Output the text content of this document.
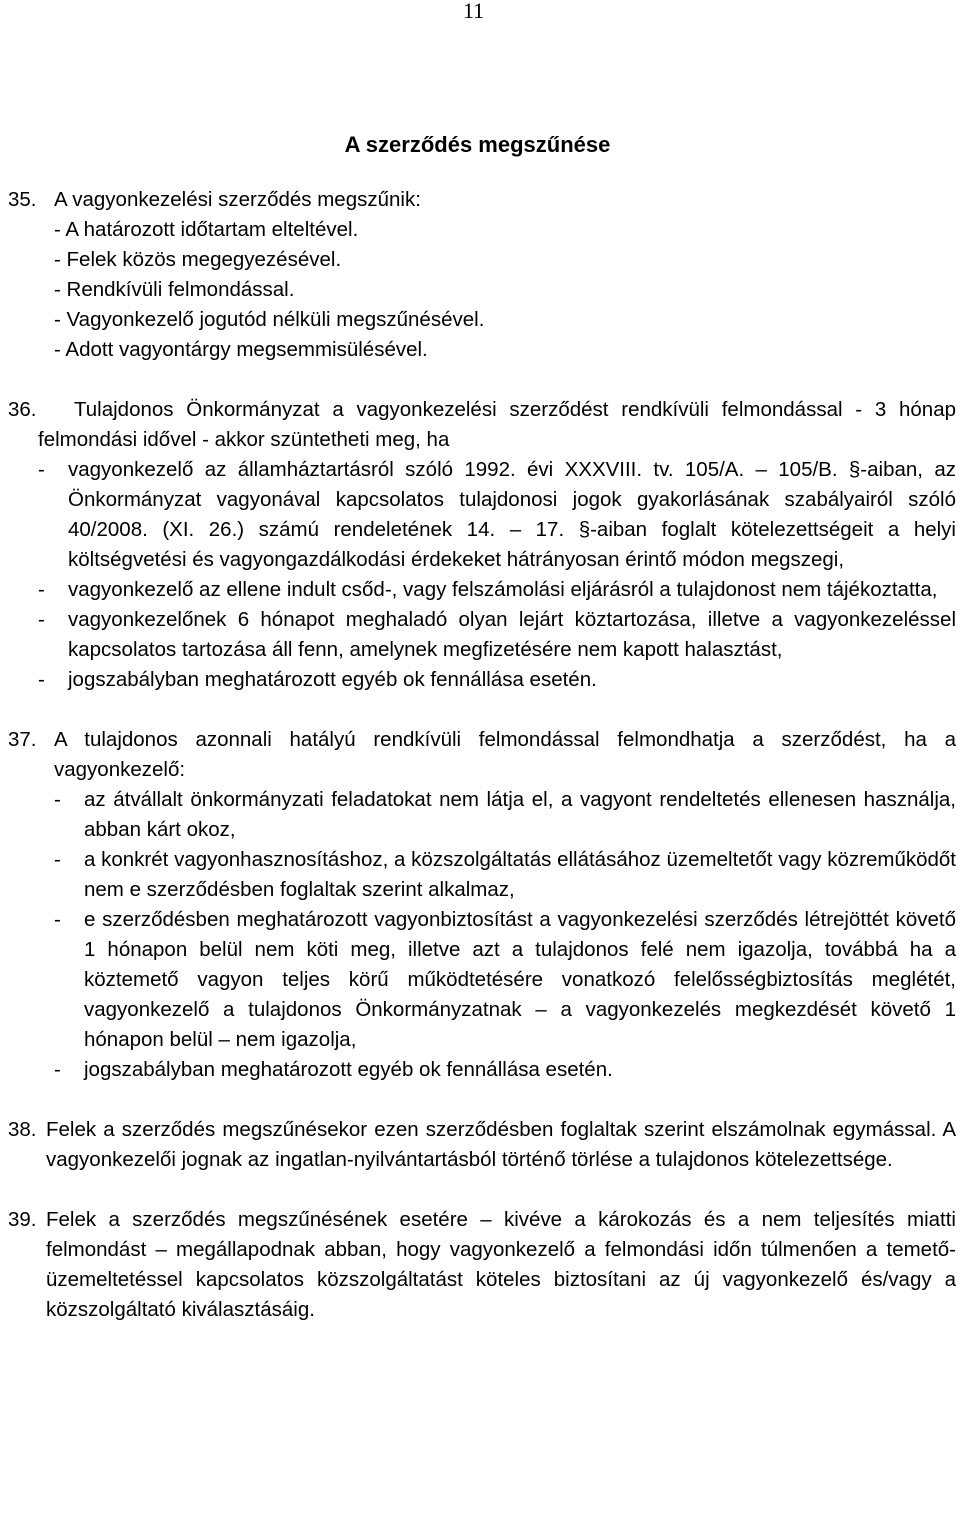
11
A szerződés megszűnése
35. A vagyonkezelési szerződés megszűnik:
- A határozott időtartam elteltével.
- Felek közös megegyezésével.
- Rendkívüli felmondással.
- Vagyonkezelő jogutód nélküli megszűnésével.
- Adott vagyontárgy megsemmisülésével.
36.	Tulajdonos Önkormányzat a vagyonkezelési szerződést rendkívüli felmondással - 3 hónap felmondási idővel - akkor szüntetheti meg, ha
- vagyonkezelő az államháztartásról szóló 1992. évi XXXVIII. tv. 105/A. – 105/B. §-aiban, az Önkormányzat vagyonával kapcsolatos tulajdonosi jogok gyakorlásának szabályairól szóló 40/2008. (XI. 26.) számú rendeletének 14. – 17. §-aiban foglalt kötelezettségeit a helyi költségvetési és vagyongazdálkodási érdekeket hátrányosan érintő módon megszegi,
- vagyonkezelő az ellene indult csőd-, vagy felszámolási eljárásról a tulajdonost nem tájékoztatta,
- vagyonkezelőnek 6 hónapot meghaladó olyan lejárt köztartozása, illetve a vagyonkezeléssel kapcsolatos tartozása áll fenn, amelynek megfizetésére nem kapott halasztást,
- jogszabályban meghatározott egyéb ok fennállása esetén.
37. A tulajdonos azonnali hatályú rendkívüli felmondással felmondhatja a szerződést, ha a vagyonkezelő:
- az átvállalt önkormányzati feladatokat nem látja el, a vagyont rendeltetés ellenesen használja, abban kárt okoz,
- a konkrét vagyonhasznosításhoz, a közszolgáltatás ellátásához üzemeltetőt vagy közreműködőt nem e szerződésben foglaltak szerint alkalmaz,
- e szerződésben meghatározott vagyonbiztosítást a vagyonkezelési szerződés létrejöttét követő 1 hónapon belül nem köti meg, illetve azt a tulajdonos felé nem igazolja, továbbá ha a köztemető vagyon teljes körű működtetésére vonatkozó felelősségbiztosítás meglétét, vagyonkezelő a tulajdonos Önkormányzatnak – a vagyonkezelés megkezdését követő 1 hónapon belül – nem igazolja,
- jogszabályban meghatározott egyéb ok fennállása esetén.
38. Felek a szerződés megszűnésekor ezen szerződésben foglaltak szerint elszámolnak egymással. A vagyonkezelői jognak az ingatlan-nyilvántartásból történő törlése a tulajdonos kötelezettsége.
39. Felek a szerződés megszűnésének esetére – kivéve a károkozás és a nem teljesítés miatti felmondást – megállapodnak abban, hogy vagyonkezelő a felmondási időn túlmenően a temető-üzemeltetéssel kapcsolatos közszolgáltatást köteles biztosítani az új vagyonkezelő és/vagy a közszolgáltató kiválasztásáig.
